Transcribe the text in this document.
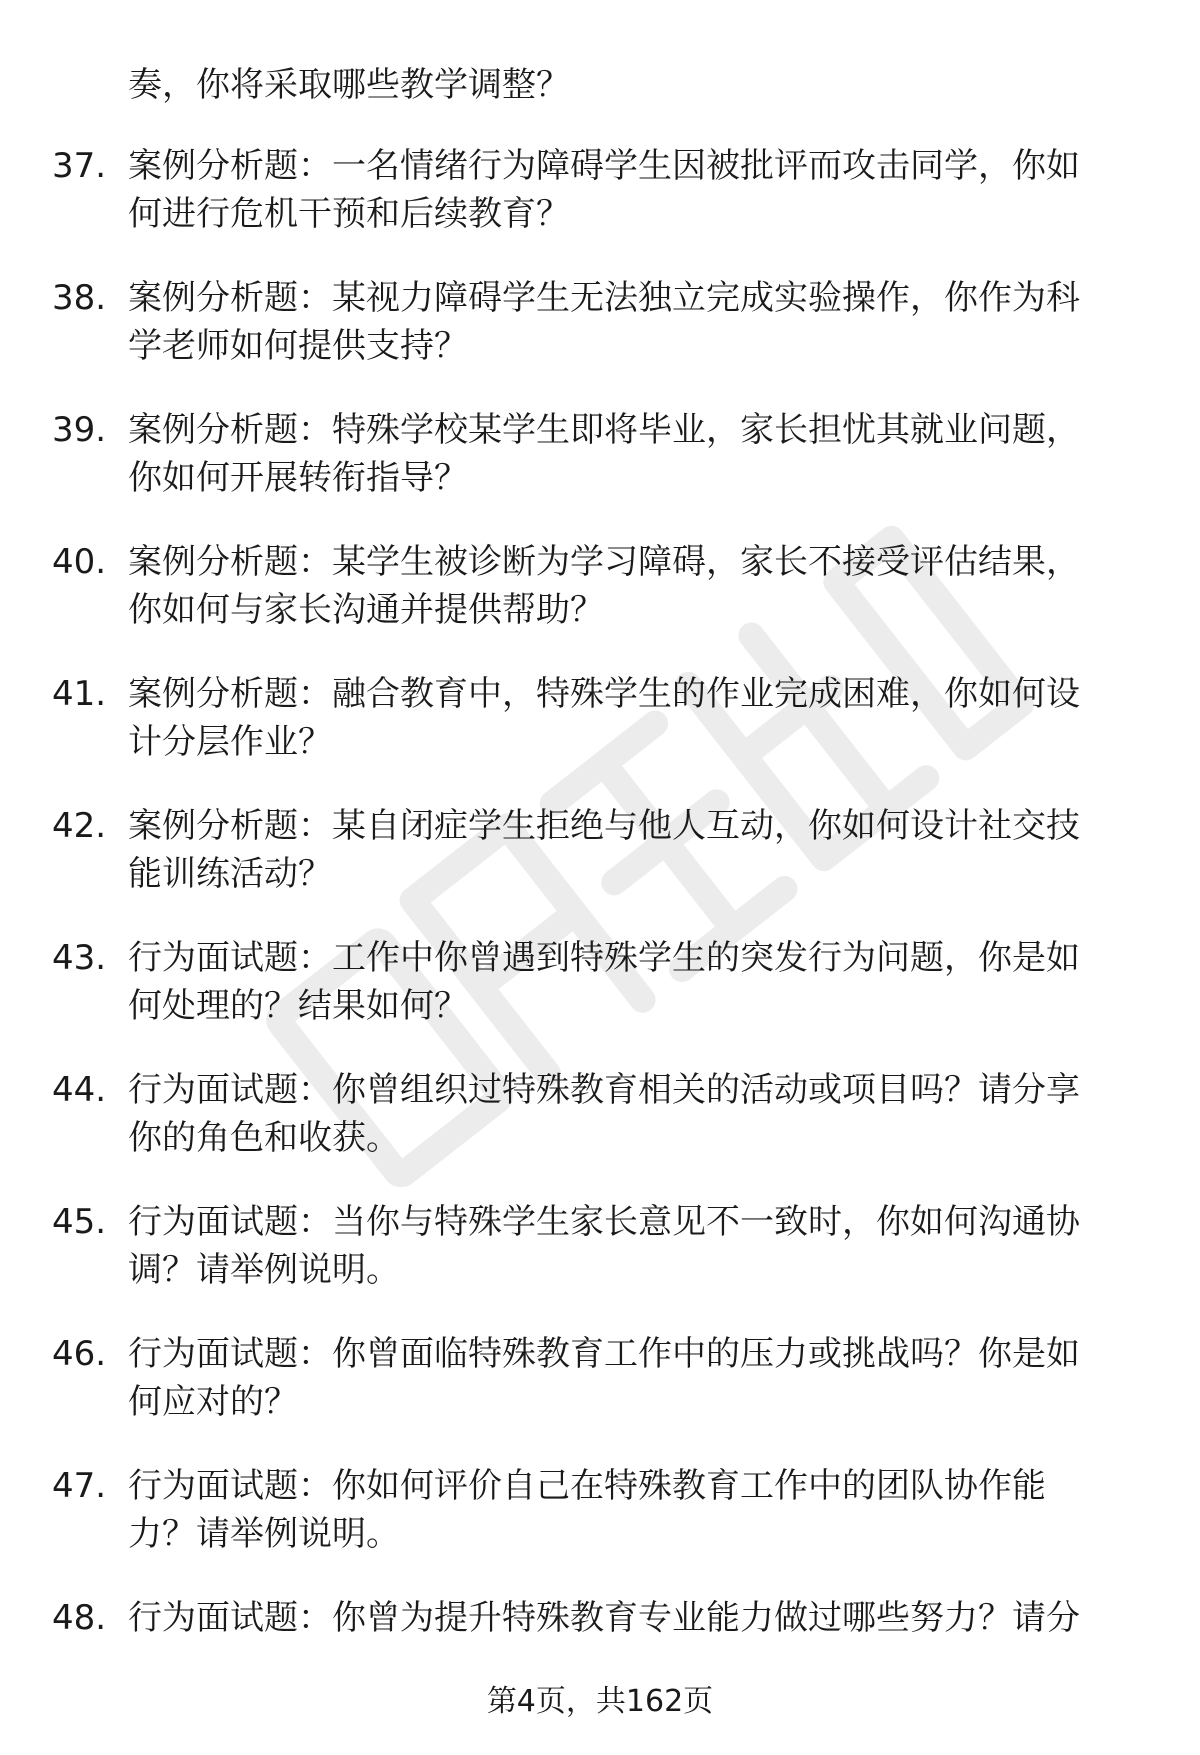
奏，你将采取哪些教学调整？
37. 案例分析题：一名情绪行为障碍学生因被批评而攻击同学，你如
何进行危机干预和后续教育？
38. 案例分析题：某视力障碍学生无法独立完成实验操作，你作为科
学老师如何提供支持？
39. 案例分析题：特殊学校某学生即将毕业，家长担忧其就业问题，
你如何开展转衔指导？
40. 案例分析题：某学生被诊断为学习障碍，家长不接受评估结果，
你如何与家长沟通并提供帮助？
41. 案例分析题：融合教育中，特殊学生的作业完成困难，你如何设
计分层作业？
42. 案例分析题：某自闭症学生拒绝与他人互动，你如何设计社交技
能训练活动？
43. 行为面试题：工作中你曾遇到特殊学生的突发行为问题，你是如
何处理的？结果如何？
44. 行为面试题：你曾组织过特殊教育相关的活动或项目吗？请分享
你的角色和收获。
45. 行为面试题：当你与特殊学生家长意见不一致时，你如何沟通协
调？请举例说明。
46. 行为面试题：你曾面临特殊教育工作中的压力或挑战吗？你是如
何应对的？
47. 行为面试题：你如何评价自己在特殊教育工作中的团队协作能
力？请举例说明。
48. 行为面试题：你曾为提升特殊教育专业能力做过哪些努力？请分
第4页，共162页
